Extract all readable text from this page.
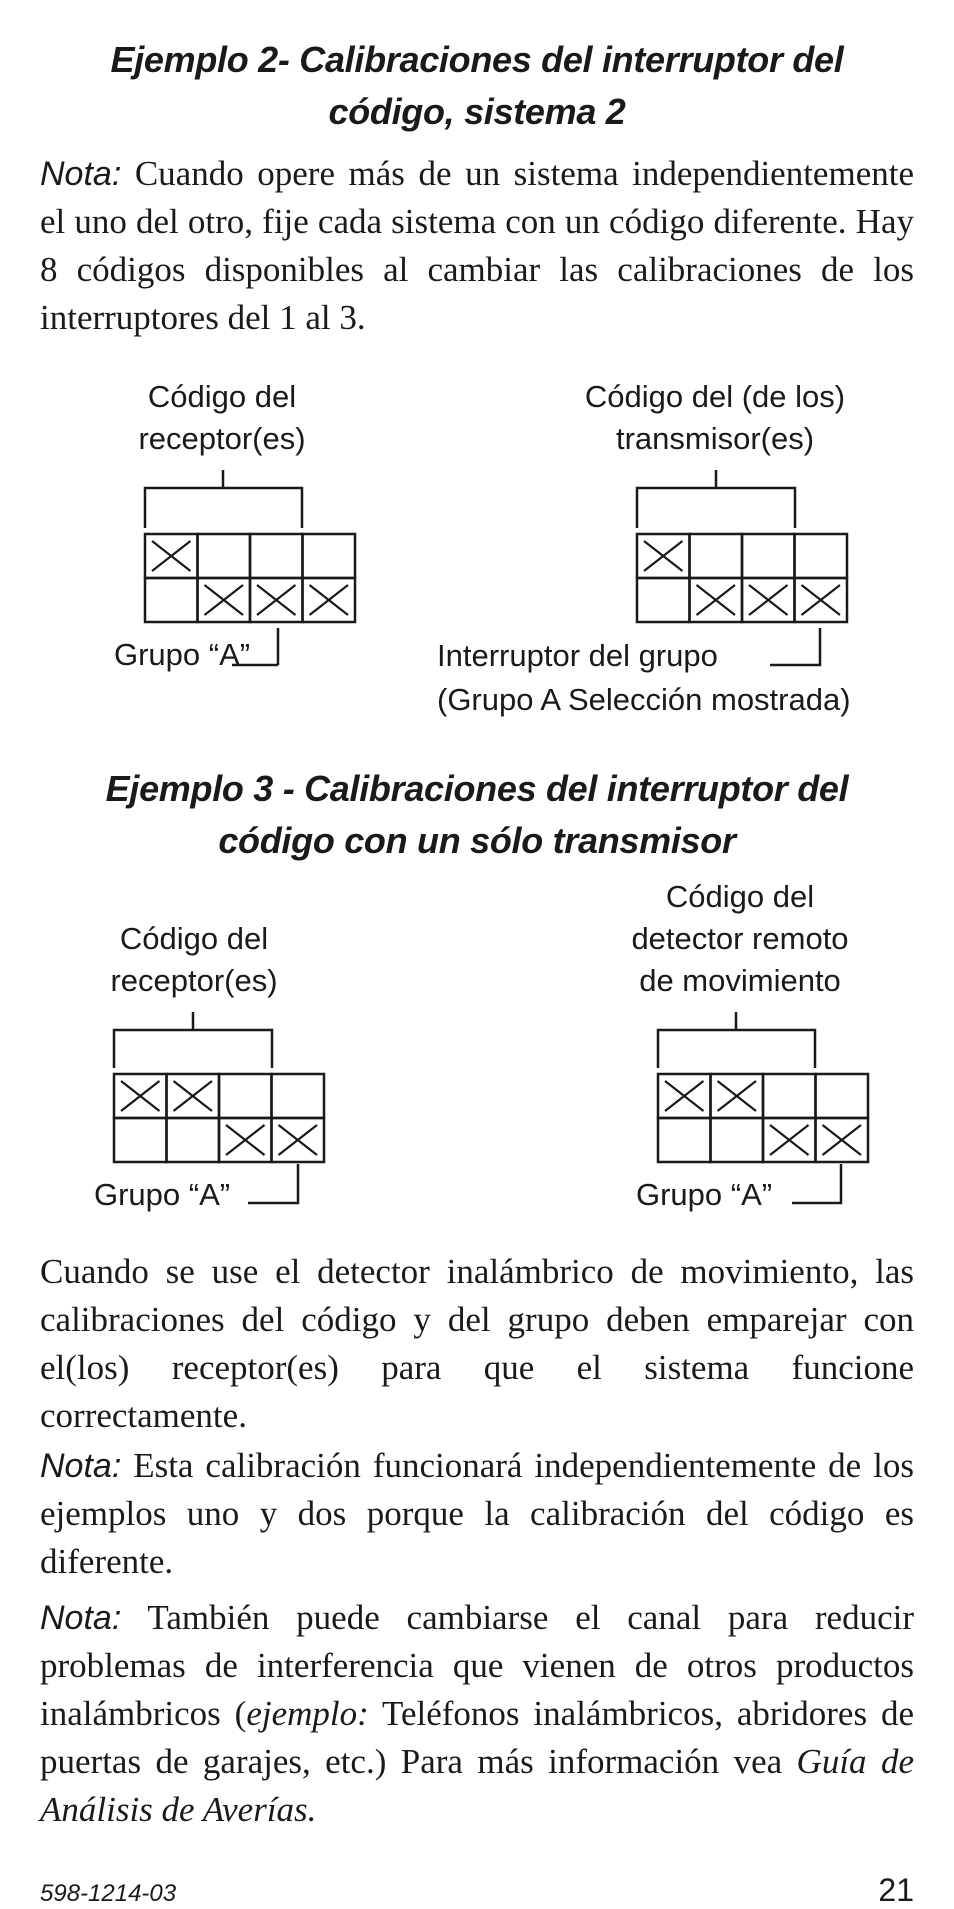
Ejemplo 2- Calibraciones del interruptor del
código, sistema 2

Nota: Cuando opere más de un sistema independientemente el uno del otro, fije cada sistema con un código diferente. Hay 8 códigos disponibles al cambiar las calibraciones de los interruptores del 1 al 3.

Código del
receptor(es)
Código del (de los)
transmisor(es)
Grupo “A”	Interruptor del grupo
(Grupo A Selección mostrada)
Ejemplo 3 - Calibraciones del interruptor del
código con un sólo transmisor
Código del
receptor(es)
Código del
detector remoto
de movimiento
Grupo “A”	Grupo “A”

Cuando se use el detector inalámbrico de movimiento, las calibraciones del código y del grupo deben emparejar con el(los) receptor(es) para que el sistema funcione correctamente.

Nota: Esta calibración funcionará independientemente de los ejemplos uno y dos porque la calibración del código es diferente.

Nota: También puede cambiarse el canal para reducir problemas de interferencia que vienen de otros productos inalámbricos (ejemplo: Teléfonos inalámbricos, abridores de puertas de garajes, etc.) Para más información vea Guía de Análisis de Averías.

598-1214-03	21
